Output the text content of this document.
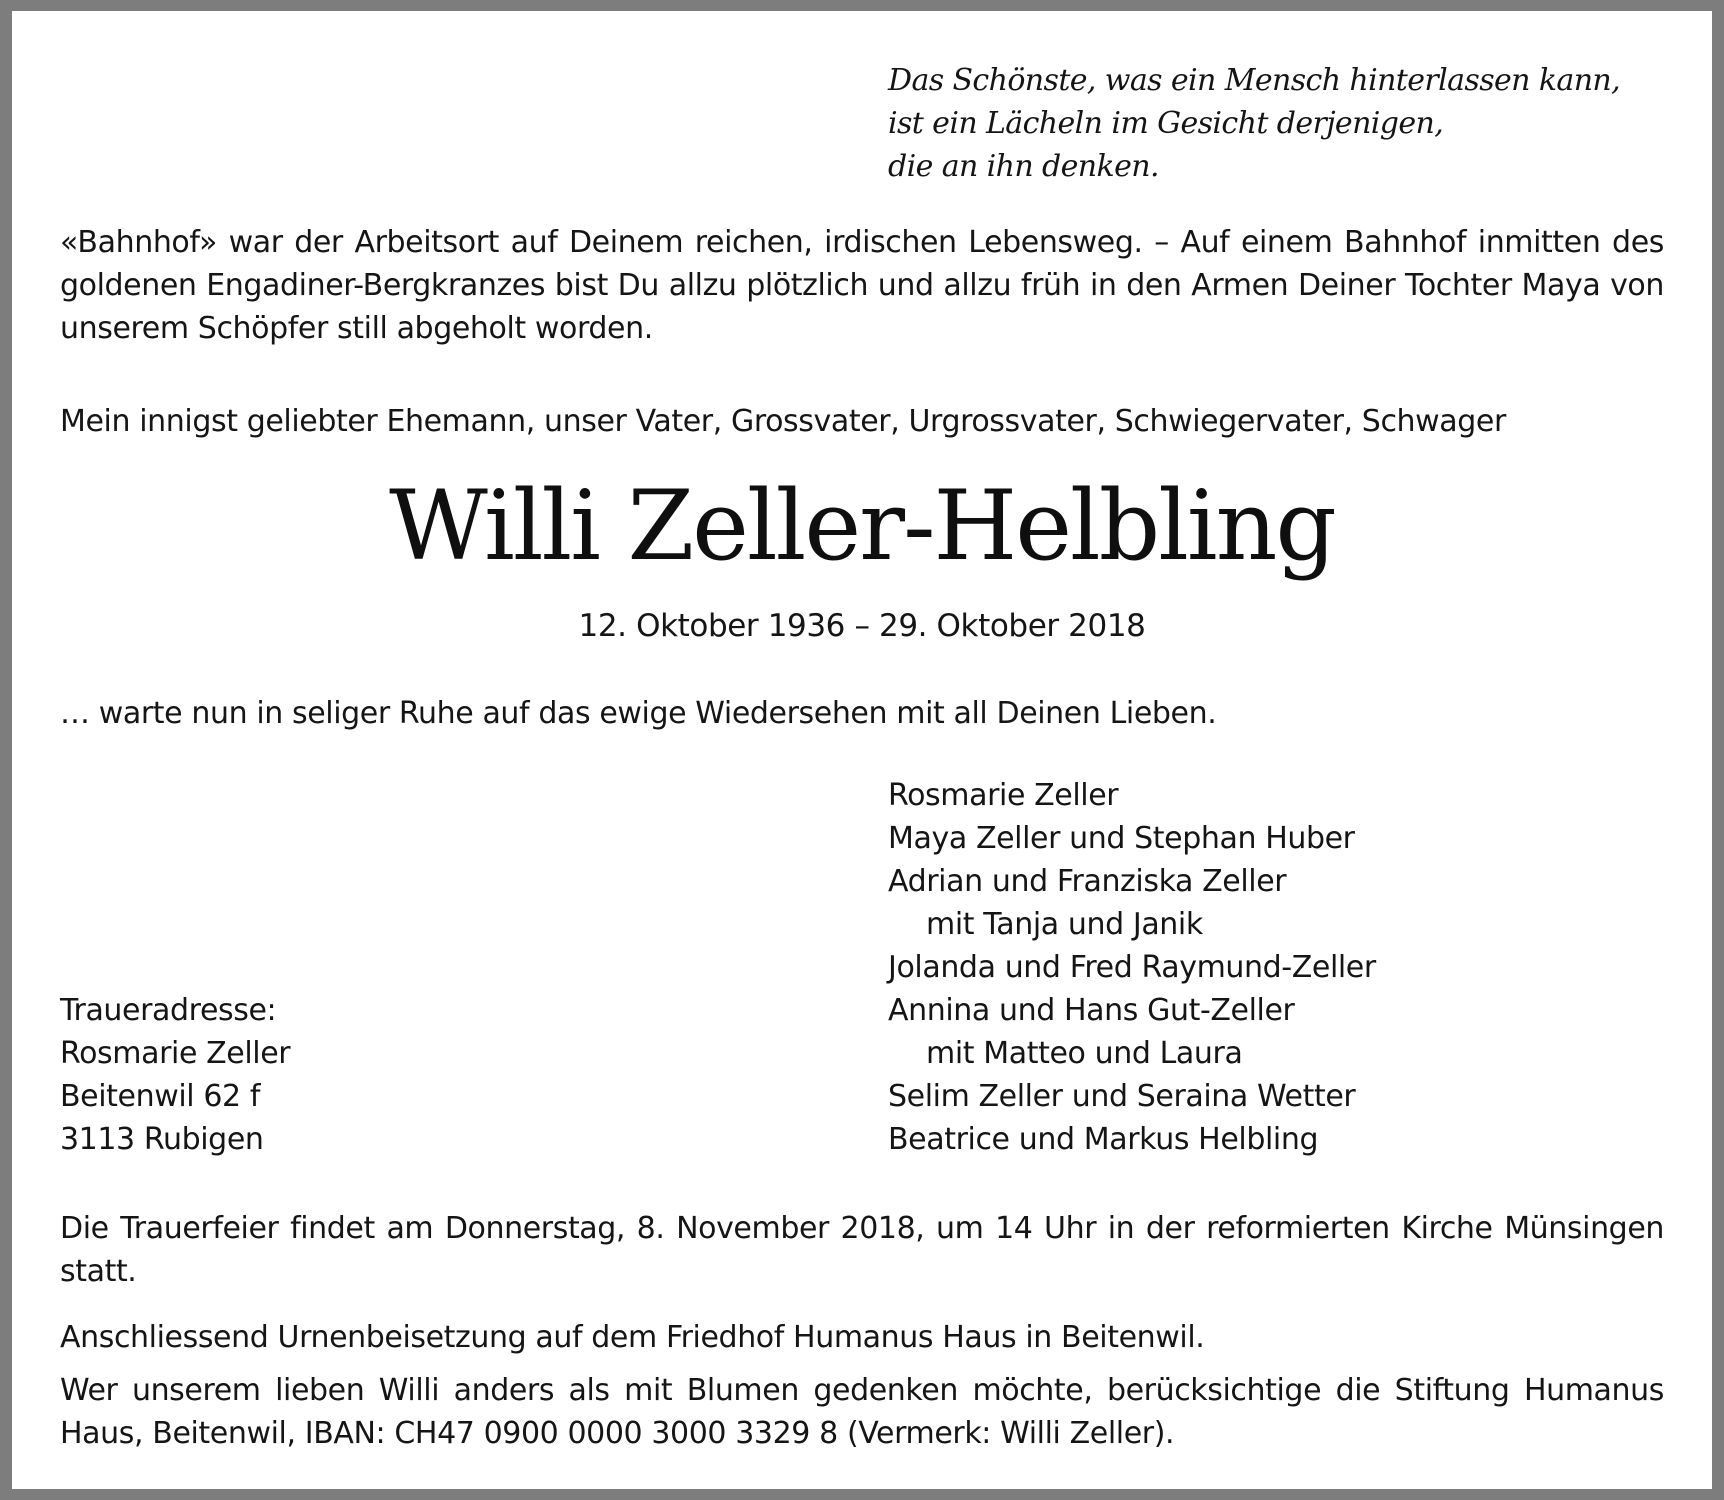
Das Schönste, was ein Mensch hinterlassen kann,
ist ein Lächeln im Gesicht derjenigen,
die an ihn denken.
«Bahnhof» war der Arbeitsort auf Deinem reichen, irdischen Lebensweg. – Auf einem Bahnhof inmitten des goldenen Engadiner-Bergkranzes bist Du allzu plötzlich und allzu früh in den Armen Deiner Tochter Maya von unserem Schöpfer still abgeholt worden.
Mein innigst geliebter Ehemann, unser Vater, Grossvater, Urgrossvater, Schwiegervater, Schwager
Willi Zeller-Helbling
12. Oktober 1936 – 29. Oktober 2018
… warte nun in seliger Ruhe auf das ewige Wiedersehen mit all Deinen Lieben.
Rosmarie Zeller
Maya Zeller und Stephan Huber
Adrian und Franziska Zeller
mit Tanja und Janik
Jolanda und Fred Raymund-Zeller
Annina und Hans Gut-Zeller
mit Matteo und Laura
Selim Zeller und Seraina Wetter
Beatrice und Markus Helbling
Traueradresse:
Rosmarie Zeller
Beitenwil 62 f
3113 Rubigen
Die Trauerfeier findet am Donnerstag, 8. November 2018, um 14 Uhr in der reformierten Kirche Münsingen statt.
Anschliessend Urnenbeisetzung auf dem Friedhof Humanus Haus in Beitenwil.
Wer unserem lieben Willi anders als mit Blumen gedenken möchte, berücksichtige die Stiftung Humanus Haus, Beitenwil, IBAN: CH47 0900 0000 3000 3329 8 (Vermerk: Willi Zeller).
